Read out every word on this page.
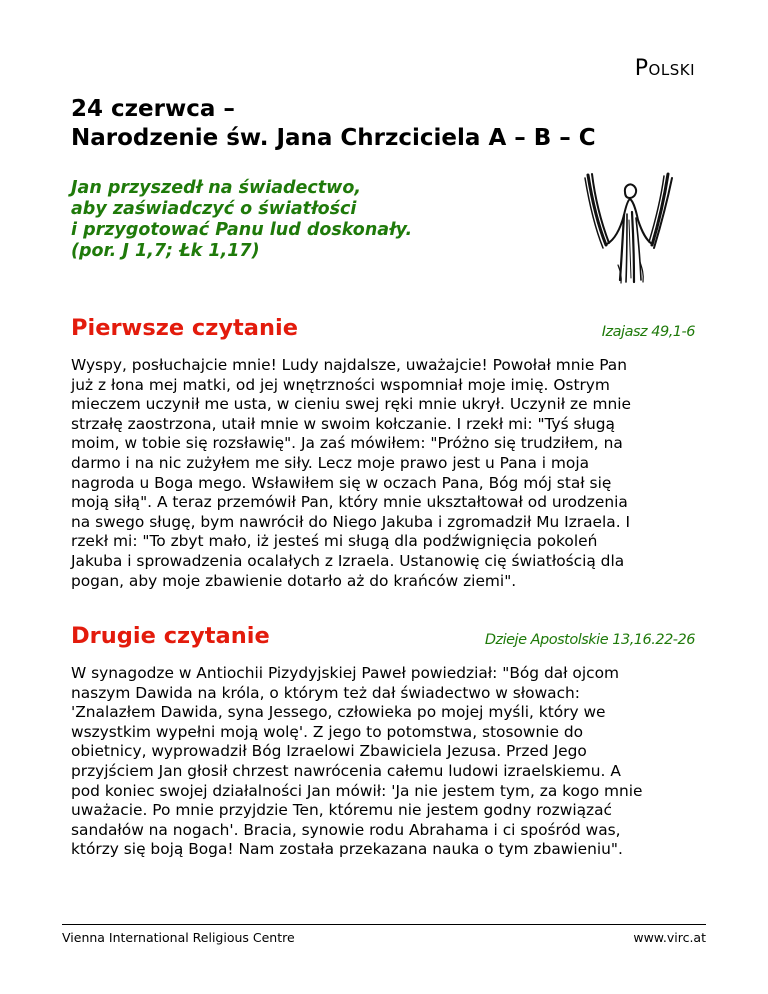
Polski
24 czerwca –
Narodzenie św. Jana Chrzciciela A – B – C
Jan przyszedł na świadectwo,
aby zaświadczyć o światłości
i przygotować Panu lud doskonały.
(por. J 1,7; Łk 1,17)
Pierwsze czytanie	Izajasz 49,1-6
Wyspy, posłuchajcie mnie! Ludy najdalsze, uważajcie! Powołał mnie Pan
już z łona mej matki, od jej wnętrzności wspomniał moje imię. Ostrym
mieczem uczynił me usta, w cieniu swej ręki mnie ukrył. Uczynił ze mnie
strzałę zaostrzona, utaił mnie w swoim kołczanie. I rzekł mi: "Tyś sługą
moim, w tobie się rozsławię". Ja zaś mówiłem: "Próżno się trudziłem, na
darmo i na nic zużyłem me siły. Lecz moje prawo jest u Pana i moja
nagroda u Boga mego. Wsławiłem się w oczach Pana, Bóg mój stał się
moją siłą". A teraz przemówił Pan, który mnie ukształtował od urodzenia
na swego sługę, bym nawrócił do Niego Jakuba i zgromadził Mu Izraela. I
rzekł mi: "To zbyt mało, iż jesteś mi sługą dla podźwignięcia pokoleń
Jakuba i sprowadzenia ocalałych z Izraela. Ustanowię cię światłością dla
pogan, aby moje zbawienie dotarło aż do krańców ziemi".
Drugie czytanie	Dzieje Apostolskie 13,16.22-26
W synagodze w Antiochii Pizydyjskiej Paweł powiedział: "Bóg dał ojcom
naszym Dawida na króla, o którym też dał świadectwo w słowach:
'Znalazłem Dawida, syna Jessego, człowieka po mojej myśli, który we
wszystkim wypełni moją wolę'. Z jego to potomstwa, stosownie do
obietnicy, wyprowadził Bóg Izraelowi Zbawiciela Jezusa. Przed Jego
przyjściem Jan głosił chrzest nawrócenia całemu ludowi izraelskiemu. A
pod koniec swojej działalności Jan mówił: 'Ja nie jestem tym, za kogo mnie
uważacie. Po mnie przyjdzie Ten, któremu nie jestem godny rozwiązać
sandałów na nogach'. Bracia, synowie rodu Abrahama i ci spośród was,
którzy się boją Boga! Nam została przekazana nauka o tym zbawieniu".
Vienna International Religious Centre	www.virc.at
